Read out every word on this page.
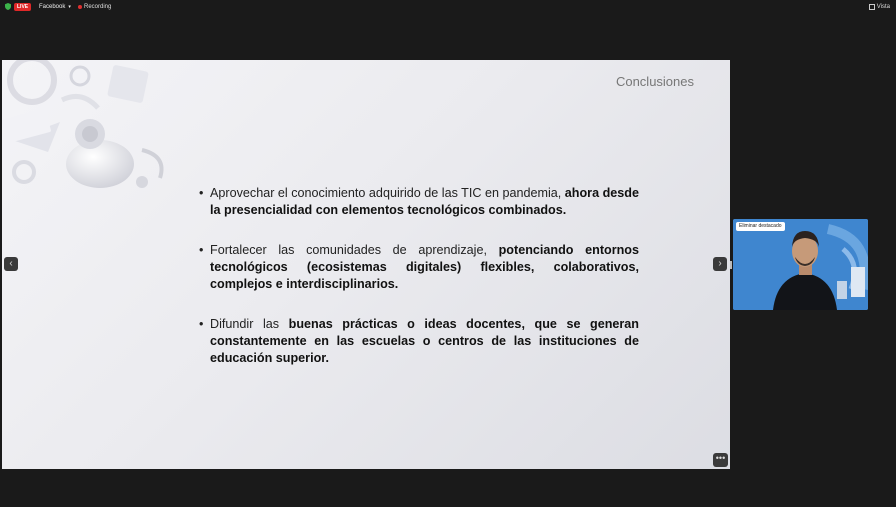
LIVE	Facebook ▾ Recording	Vista
Conclusiones
• Aprovechar el conocimiento adquirido de las TIC en pandemia, ahora desde la presencialidad con elementos tecnológicos combinados.
• Fortalecer las comunidades de aprendizaje, potenciando entornos tecnológicos (ecosistemas digitales) flexibles, colaborativos, complejos e interdisciplinarios.
• Difundir las buenas prácticas o ideas docentes, que se generan constantemente en las escuelas o centros de las instituciones de educación superior.
‹	›
•••
Eliminar destacado
